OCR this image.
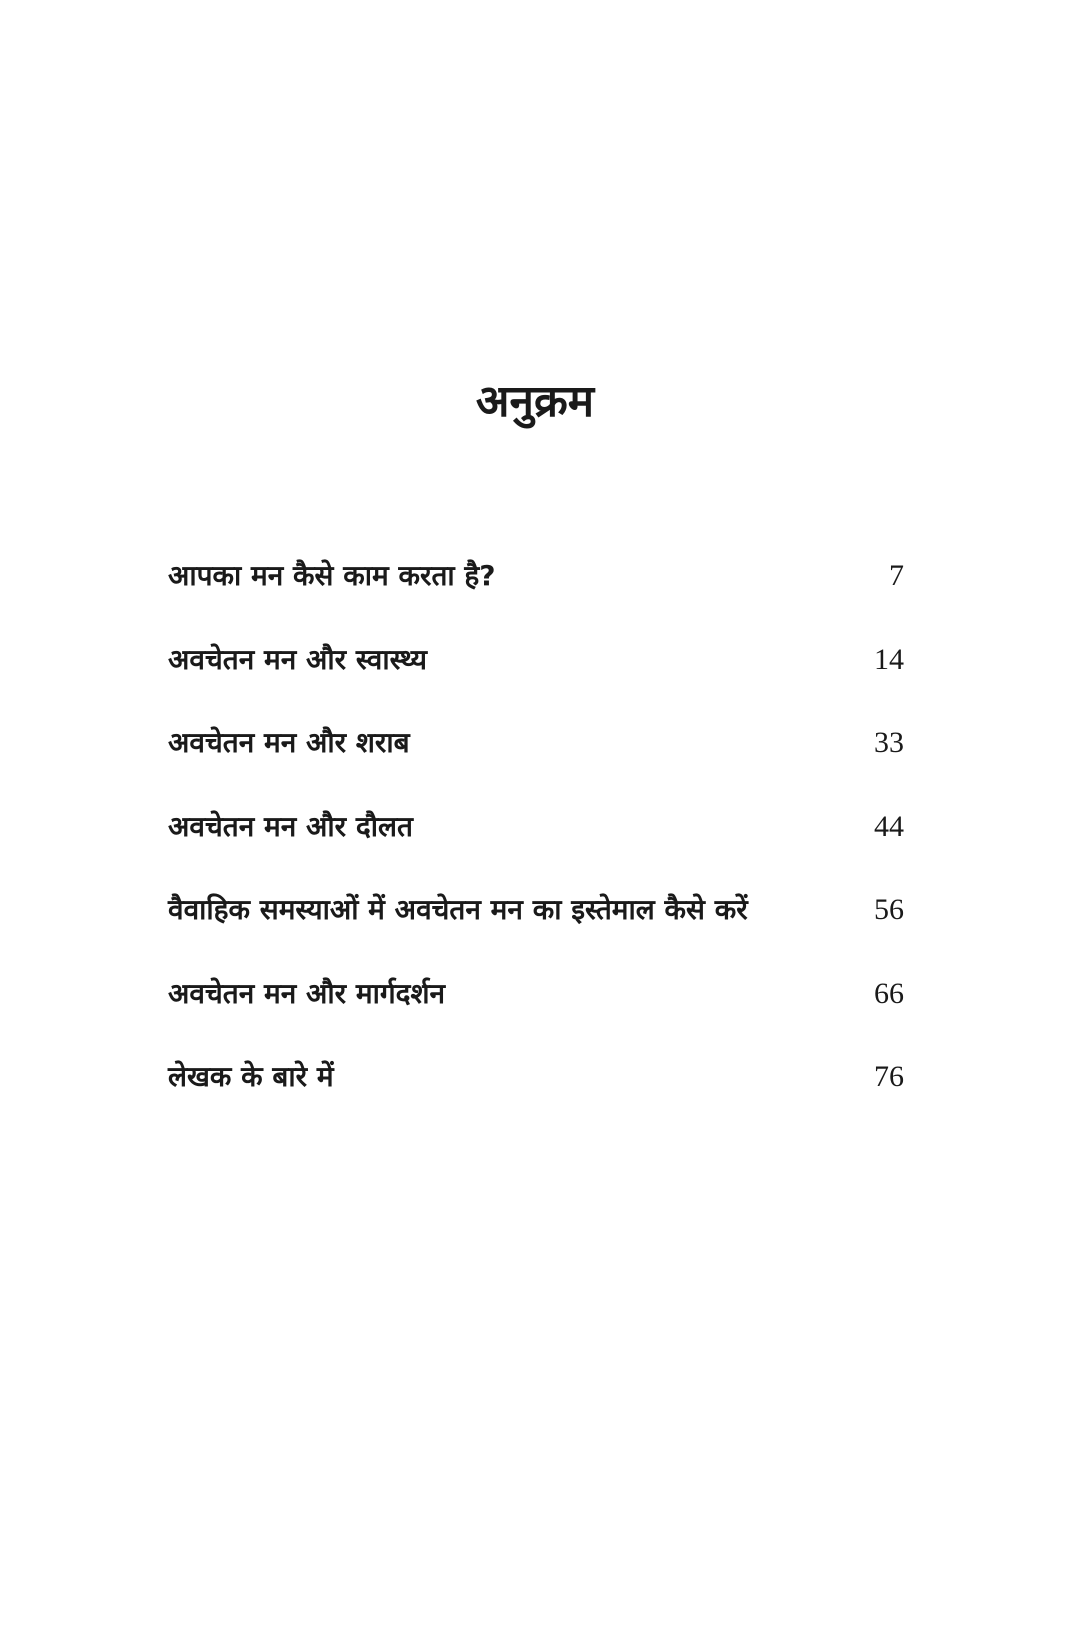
अनुक्रम
आपका मन कैसे काम करता है?	7
अवचेतन मन और स्वास्थ्य	14
अवचेतन मन और शराब	33
अवचेतन मन और दौलत	44
वैवाहिक समस्याओं में अवचेतन मन का इस्तेमाल कैसे करें	56
अवचेतन मन और मार्गदर्शन	66
लेखक के बारे में	76
